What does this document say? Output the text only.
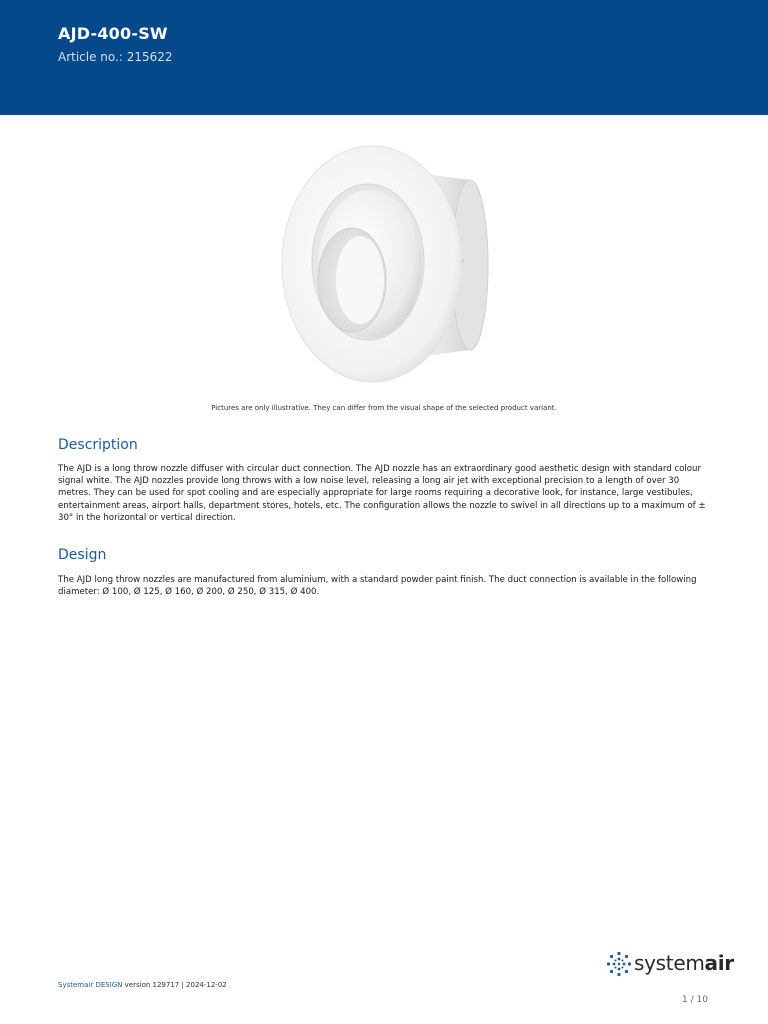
AJD-400-SW
Article no.: 215622
Pictures are only illustrative. They can differ from the visual shape of the selected product variant.
Description

The AJD is a long throw nozzle diffuser with circular duct connection. The AJD nozzle has an extraordinary good aesthetic design with standard colour signal white. The AJD nozzles provide long throws with a low noise level, releasing a long air jet with exceptional precision to a length of over 30 metres. They can be used for spot cooling and are especially appropriate for large rooms requiring a decorative look, for instance, large vestibules, entertainment areas, airport halls, department stores, hotels, etc. The configuration allows the nozzle to swivel in all directions up to a maximum of ± 30° in the horizontal or vertical direction.

Design

The AJD long throw nozzles are manufactured from aluminium, with a standard powder paint finish. The duct connection is available in the following diameter: Ø 100, Ø 125, Ø 160, Ø 200, Ø 250, Ø 315, Ø 400.

systemair
Systemair DESIGN version 129717 | 2024-12-02
1 / 10
